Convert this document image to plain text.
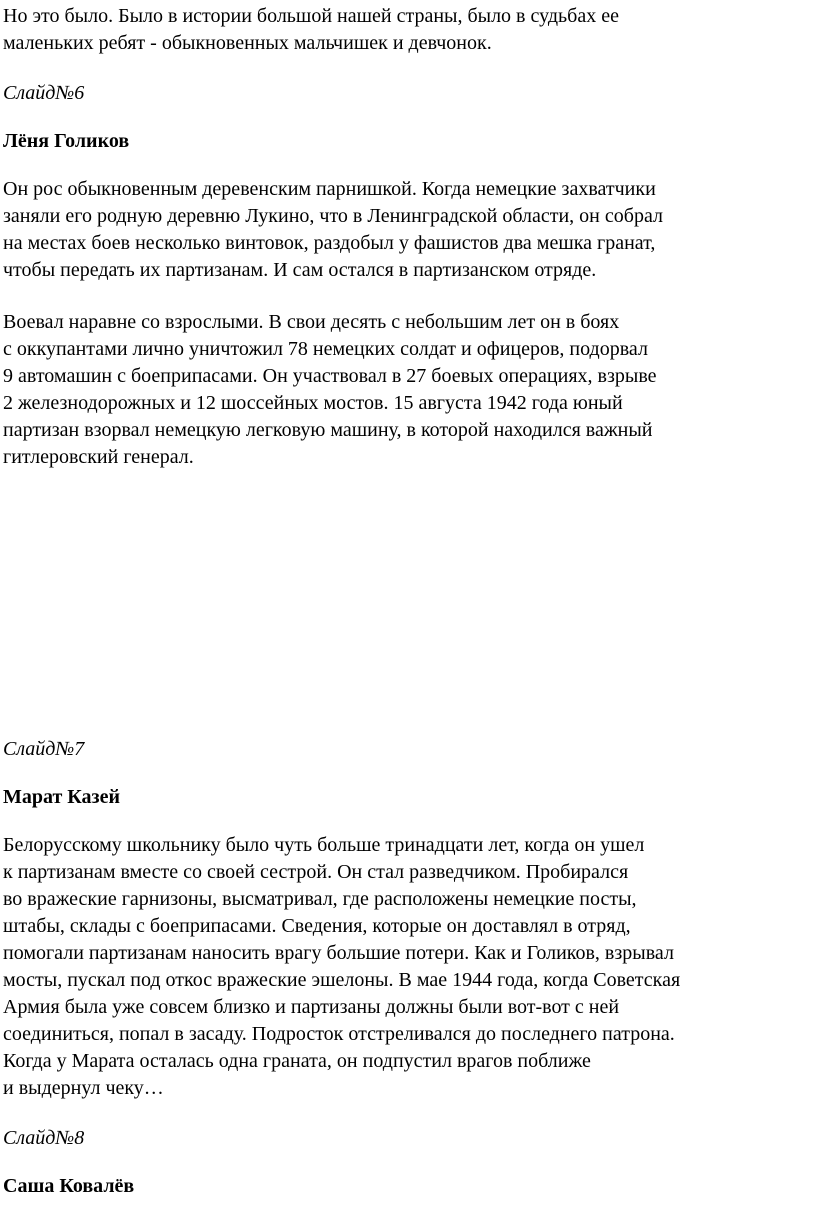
Но это было. Было в истории большой нашей страны, было в судьбах ее
маленьких ребят - обыкновенных мальчишек и девчонок.
Слайд№6
Лёня Голиков
Он рос обыкновенным деревенским парнишкой. Когда немецкие захватчики
заняли его родную деревню Лукино, что в Ленинградской области, он собрал
на местах боев несколько винтовок, раздобыл у фашистов два мешка гранат,
чтобы передать их партизанам. И сам остался в партизанском отряде.
Воевал наравне со взрослыми. В свои десять с небольшим лет он в боях
с оккупантами лично уничтожил 78 немецких солдат и офицеров, подорвал
9 автомашин с боеприпасами. Он участвовал в 27 боевых операциях, взрыве
2 железнодорожных и 12 шоссейных мостов. 15 августа 1942 года юный
партизан взорвал немецкую легковую машину, в которой находился важный
гитлеровский генерал.
Слайд№7
Марат Казей
Белорусскому школьнику было чуть больше тринадцати лет, когда он ушел
к партизанам вместе со своей сестрой. Он стал разведчиком. Пробирался
во вражеские гарнизоны, высматривал, где расположены немецкие посты,
штабы, склады с боеприпасами. Сведения, которые он доставлял в отряд,
помогали партизанам наносить врагу большие потери. Как и Голиков, взрывал
мосты, пускал под откос вражеские эшелоны. В мае 1944 года, когда Советская
Армия была уже совсем близко и партизаны должны были вот-вот с ней
соединиться, попал в засаду. Подросток отстреливался до последнего патрона.
Когда у Марата осталась одна граната, он подпустил врагов поближе
и выдернул чеку…
Слайд№8
Саша Ковалёв
